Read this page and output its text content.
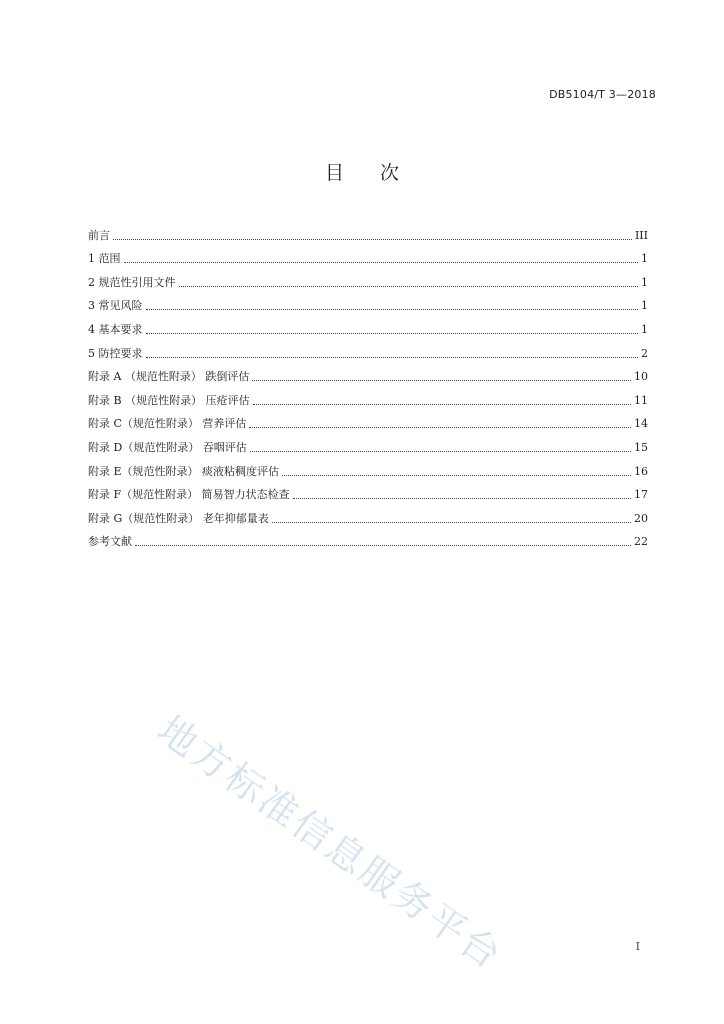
DB5104/T 3—2018
目 次
前言	III
1 范围	1
2 规范性引用文件	1
3 常见风险	1
4 基本要求	1
5 防控要求	2
附录 A （规范性附录） 跌倒评估	10
附录 B （规范性附录） 压疮评估	11
附录 C（规范性附录） 营养评估	14
附录 D（规范性附录） 吞咽评估	15
附录 E（规范性附录） 痰液粘稠度评估	16
附录 F（规范性附录） 简易智力状态检查	17
附录 G（规范性附录） 老年抑郁量表	20
参考文献	22
地方标准信息服务平台	I
